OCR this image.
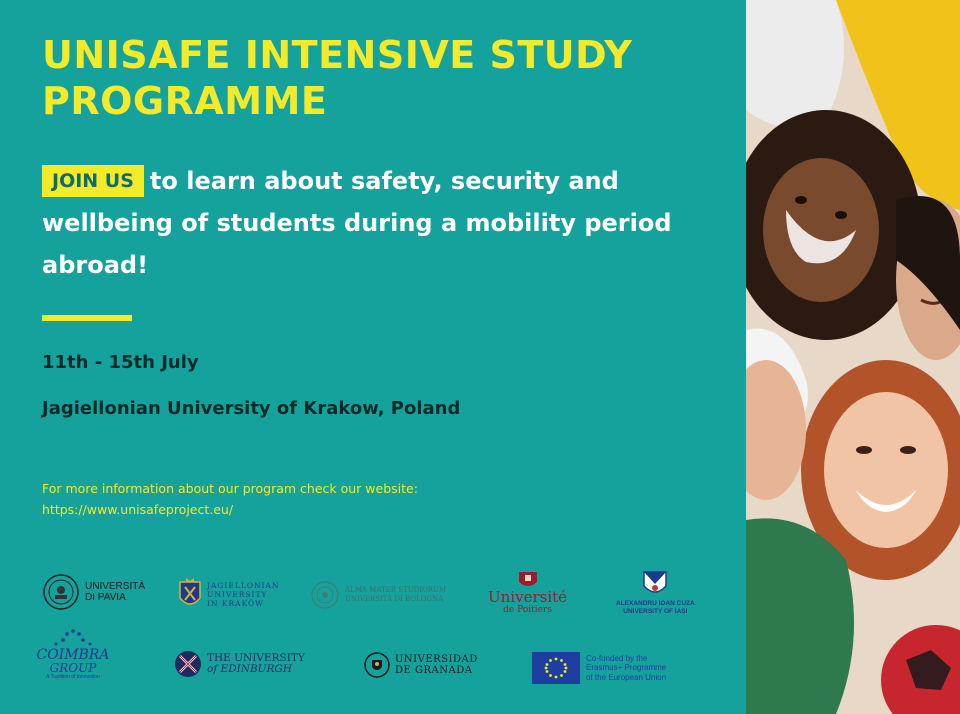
UNISAFE INTENSIVE STUDY PROGRAMME
JOIN US to learn about safety, security and wellbeing of students during a mobility period abroad!
11th - 15th July
Jagiellonian University of Krakow, Poland
For more information about our program check our website:
https://www.unisafeproject.eu/
UNIVERSITÀ
DI PAVIA
JAGIELLONIAN
UNIVERSITY
IN KRAKÓW
ALMA MATER STUDIORUM
UNIVERSITÀ DI BOLOGNA	Université
de Poitiers
ALEXANDRU IOAN CUZA
UNIVERSITY OF IAȘI
COIMBRA
GROUP
A Tradition of Innovation
THE UNIVERSITY
of EDINBURGH
UNIVERSIDAD
DE GRANADA
Co-funded by the
Erasmus+ Programme
of the European Union
